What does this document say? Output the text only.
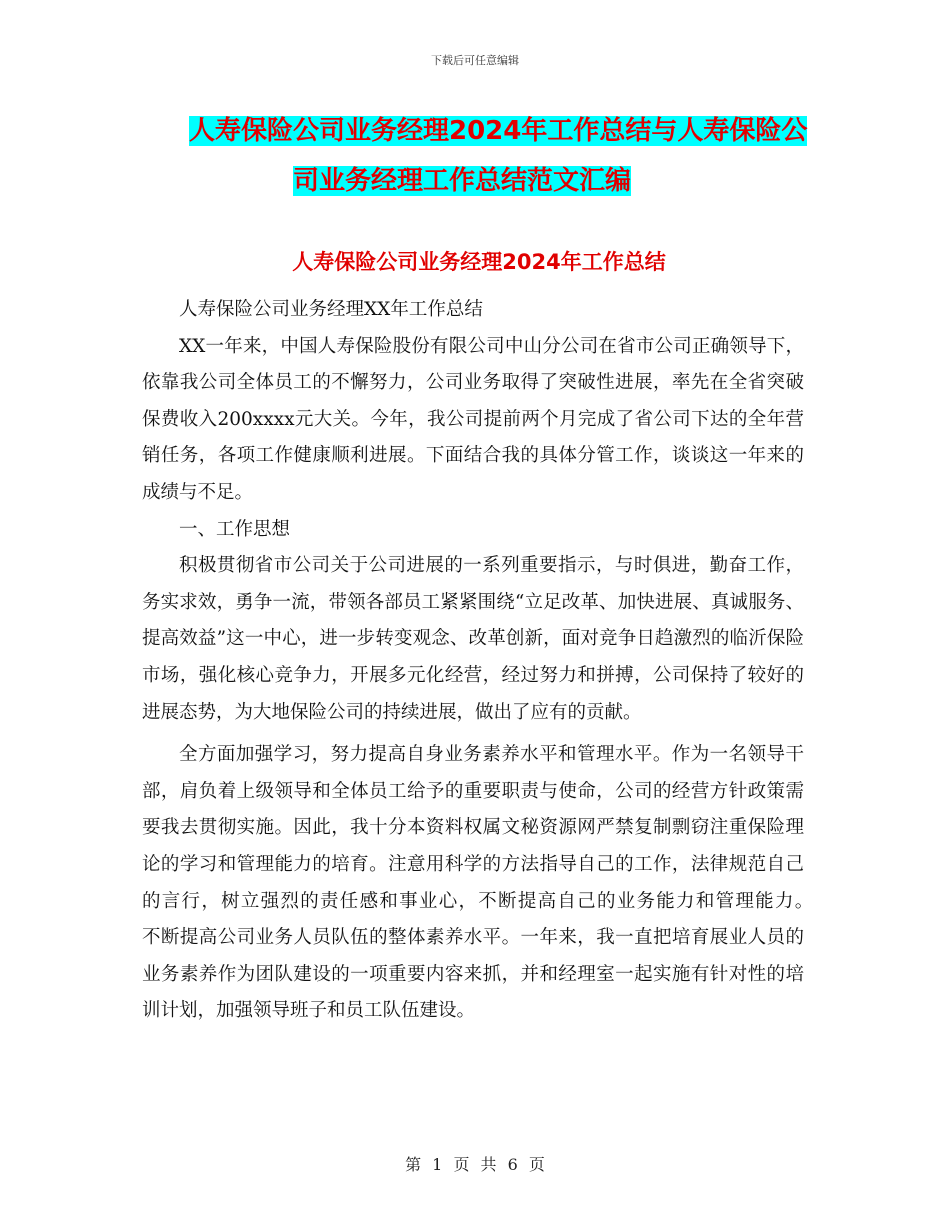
下载后可任意编辑
人寿保险公司业务经理2024年工作总结与人寿保险公
司业务经理工作总结范文汇编
人寿保险公司业务经理2024年工作总结

人寿保险公司业务经理XX年工作总结

XX一年来，中国人寿保险股份有限公司中山分公司在省市公司正确领导下，依靠我公司全体员工的不懈努力，公司业务取得了突破性进展，率先在全省突破保费收入200xxxx元大关。今年，我公司提前两个月完成了省公司下达的全年营销任务，各项工作健康顺利进展。下面结合我的具体分管工作，谈谈这一年来的成绩与不足。

一、工作思想

积极贯彻省市公司关于公司进展的一系列重要指示，与时俱进，勤奋工作，务实求效，勇争一流，带领各部员工紧紧围绕“立足改革、加快进展、真诚服务、提高效益”这一中心，进一步转变观念、改革创新，面对竞争日趋激烈的临沂保险市场，强化核心竞争力，开展多元化经营，经过努力和拼搏，公司保持了较好的进展态势，为大地保险公司的持续进展，做出了应有的贡献。

全方面加强学习，努力提高自身业务素养水平和管理水平。作为一名领导干部，肩负着上级领导和全体员工给予的重要职责与使命，公司的经营方针政策需要我去贯彻实施。因此，我十分本资料权属文秘资源网严禁复制剽窃注重保险理论的学习和管理能力的培育。注意用科学的方法指导自己的工作，法律规范自己的言行，树立强烈的责任感和事业心，不断提高自己的业务能力和管理能力。　　　　不断提高公司业务人员队伍的整体素养水平。一年来，我一直把培育展业人员的业务素养作为团队建设的一项重要内容来抓，并和经理室一起实施有针对性的培训计划，加强领导班子和员工队伍建设。

第 1 页 共 6 页
